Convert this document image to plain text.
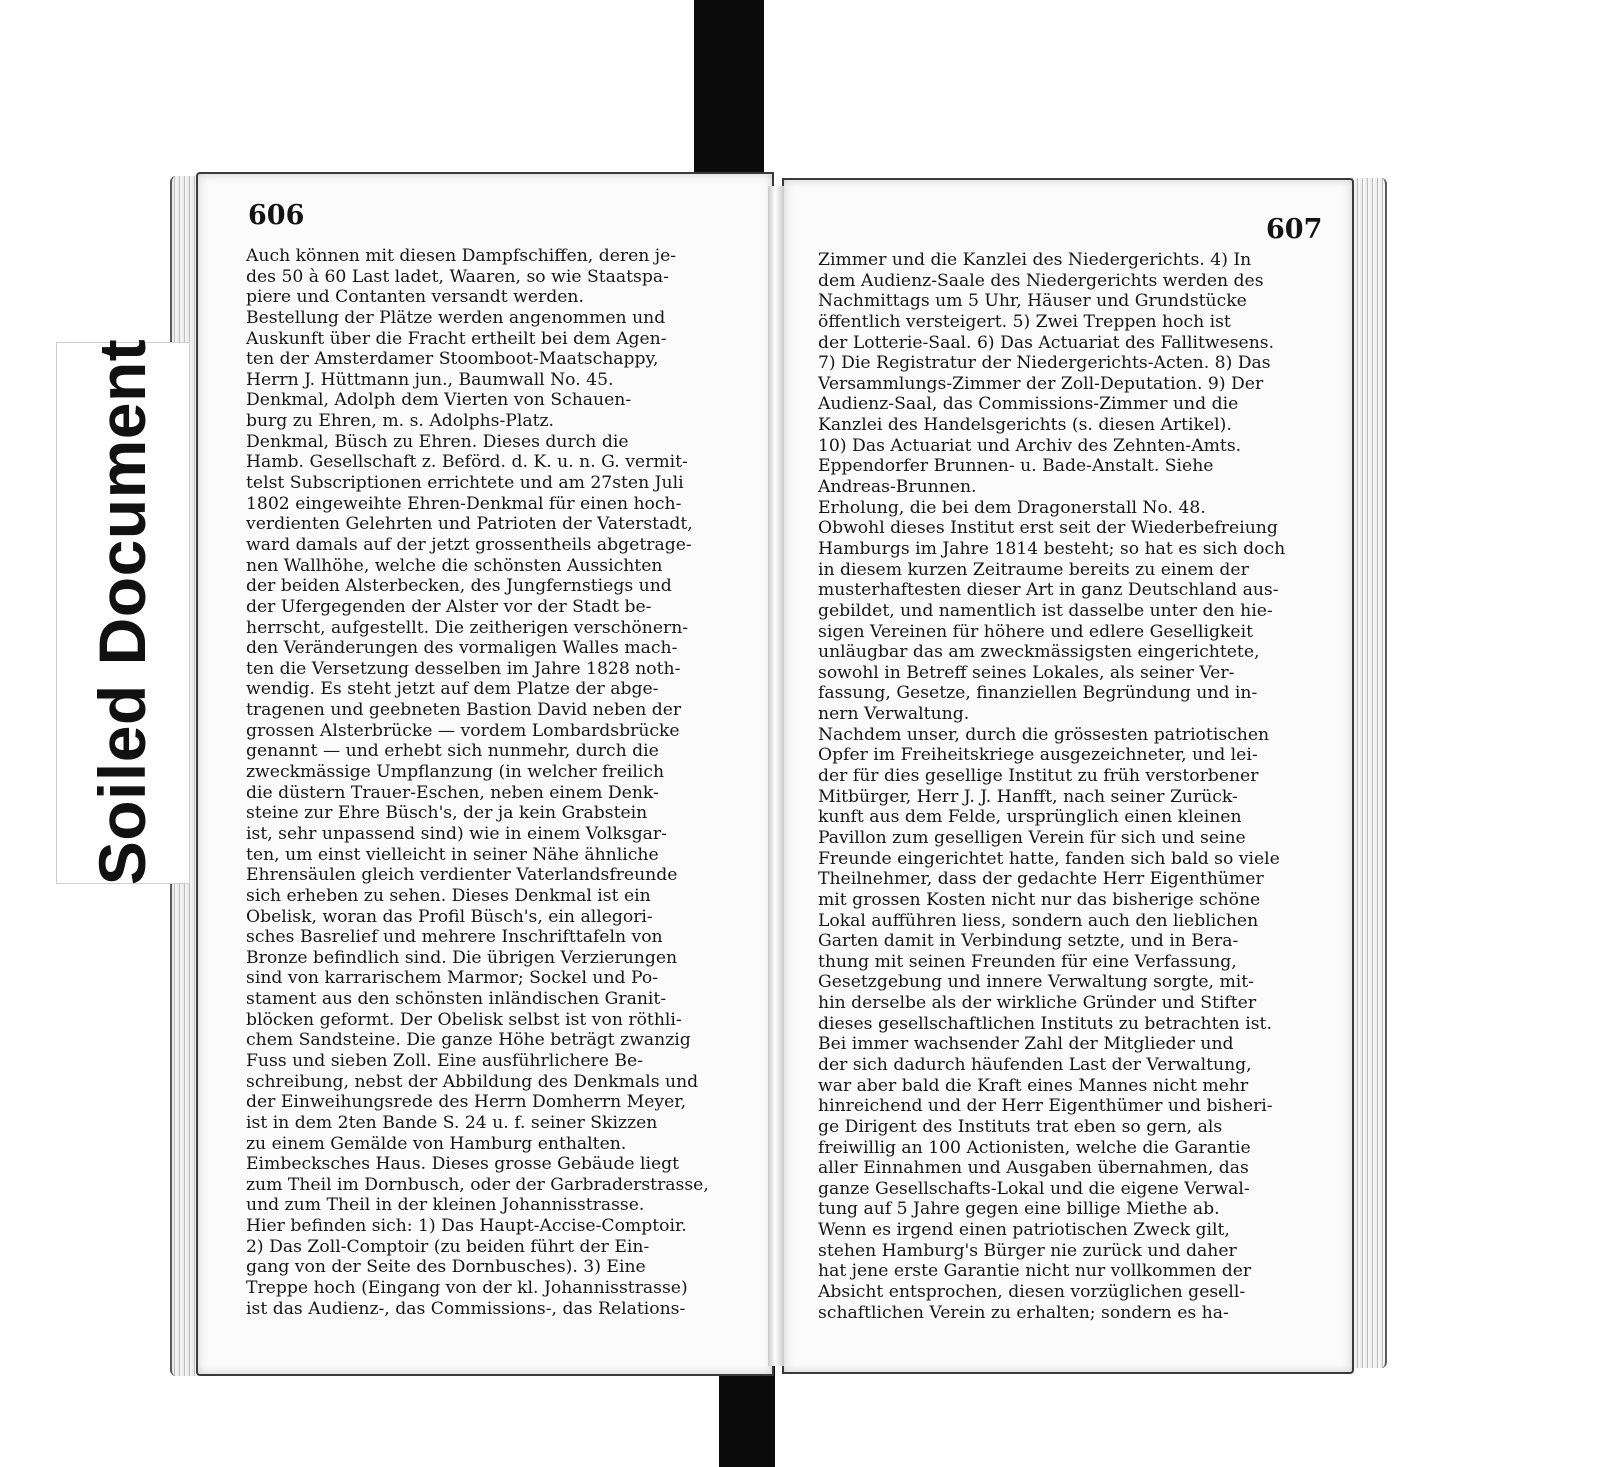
606	607
Auch können mit diesen Dampfschiffen, deren je-
des 50 à 60 Last ladet, Waaren, so wie Staatspa-
piere und Contanten versandt werden.
Bestellung der Plätze werden angenommen und
Auskunft über die Fracht ertheilt bei dem Agen-
ten der Amsterdamer Stoomboot-Maatschappy,
Herrn J. Hüttmann jun., Baumwall No. 45.
Denkmal, Adolph dem Vierten von Schauen-
burg zu Ehren, m. s. Adolphs-Platz.
Denkmal, Büsch zu Ehren. Dieses durch die
Hamb. Gesellschaft z. Beförd. d. K. u. n. G. vermit-
telst Subscriptionen errichtete und am 27sten Juli
1802 eingeweihte Ehren-Denkmal für einen hoch-
verdienten Gelehrten und Patrioten der Vaterstadt,
ward damals auf der jetzt grossentheils abgetrage-
nen Wallhöhe, welche die schönsten Aussichten
der beiden Alsterbecken, des Jungfernstiegs und
der Ufergegenden der Alster vor der Stadt be-
herrscht, aufgestellt. Die zeitherigen verschönern-
den Veränderungen des vormaligen Walles mach-
ten die Versetzung desselben im Jahre 1828 noth-
wendig. Es steht jetzt auf dem Platze der abge-
tragenen und geebneten Bastion David neben der
grossen Alsterbrücke — vordem Lombardsbrücke
genannt — und erhebt sich nunmehr, durch die
zweckmässige Umpflanzung (in welcher freilich
die düstern Trauer-Eschen, neben einem Denk-
steine zur Ehre Büsch's, der ja kein Grabstein
ist, sehr unpassend sind) wie in einem Volksgar-
ten, um einst vielleicht in seiner Nähe ähnliche
Ehrensäulen gleich verdienter Vaterlandsfreunde
sich erheben zu sehen. Dieses Denkmal ist ein
Obelisk, woran das Profil Büsch's, ein allegori-
sches Basrelief und mehrere Inschrifttafeln von
Bronze befindlich sind. Die übrigen Verzierungen
sind von karrarischem Marmor; Sockel und Po-
stament aus den schönsten inländischen Granit-
blöcken geformt. Der Obelisk selbst ist von röthli-
chem Sandsteine. Die ganze Höhe beträgt zwanzig
Fuss und sieben Zoll. Eine ausführlichere Be-
schreibung, nebst der Abbildung des Denkmals und
der Einweihungsrede des Herrn Domherrn Meyer,
ist in dem 2ten Bande S. 24 u. f. seiner Skizzen
zu einem Gemälde von Hamburg enthalten.
Eimbecksches Haus. Dieses grosse Gebäude liegt
zum Theil im Dornbusch, oder der Garbraderstrasse,
und zum Theil in der kleinen Johannisstrasse.
Hier befinden sich: 1) Das Haupt-Accise-Comptoir.
2) Das Zoll-Comptoir (zu beiden führt der Ein-
gang von der Seite des Dornbusches). 3) Eine
Treppe hoch (Eingang von der kl. Johannisstrasse)
ist das Audienz-, das Commissions-, das Relations-
Zimmer und die Kanzlei des Niedergerichts. 4) In
dem Audienz-Saale des Niedergerichts werden des
Nachmittags um 5 Uhr, Häuser und Grundstücke
öffentlich versteigert. 5) Zwei Treppen hoch ist
der Lotterie-Saal. 6) Das Actuariat des Fallitwesens.
7) Die Registratur der Niedergerichts-Acten. 8) Das
Versammlungs-Zimmer der Zoll-Deputation. 9) Der
Audienz-Saal, das Commissions-Zimmer und die
Kanzlei des Handelsgerichts (s. diesen Artikel).
10) Das Actuariat und Archiv des Zehnten-Amts.
Eppendorfer Brunnen- u. Bade-Anstalt. Siehe
Andreas-Brunnen.
Erholung, die bei dem Dragonerstall No. 48.
Obwohl dieses Institut erst seit der Wiederbefreiung
Hamburgs im Jahre 1814 besteht; so hat es sich doch
in diesem kurzen Zeitraume bereits zu einem der
musterhaftesten dieser Art in ganz Deutschland aus-
gebildet, und namentlich ist dasselbe unter den hie-
sigen Vereinen für höhere und edlere Geselligkeit
unläugbar das am zweckmässigsten eingerichtete,
sowohl in Betreff seines Lokales, als seiner Ver-
fassung, Gesetze, finanziellen Begründung und in-
nern Verwaltung.
Nachdem unser, durch die grössesten patriotischen
Opfer im Freiheitskriege ausgezeichneter, und lei-
der für dies gesellige Institut zu früh verstorbener
Mitbürger, Herr J. J. Hanfft, nach seiner Zurück-
kunft aus dem Felde, ursprünglich einen kleinen
Pavillon zum geselligen Verein für sich und seine
Freunde eingerichtet hatte, fanden sich bald so viele
Theilnehmer, dass der gedachte Herr Eigenthümer
mit grossen Kosten nicht nur das bisherige schöne
Lokal aufführen liess, sondern auch den lieblichen
Garten damit in Verbindung setzte, und in Bera-
thung mit seinen Freunden für eine Verfassung,
Gesetzgebung und innere Verwaltung sorgte, mit-
hin derselbe als der wirkliche Gründer und Stifter
dieses gesellschaftlichen Instituts zu betrachten ist.
Bei immer wachsender Zahl der Mitglieder und
der sich dadurch häufenden Last der Verwaltung,
war aber bald die Kraft eines Mannes nicht mehr
hinreichend und der Herr Eigenthümer und bisheri-
ge Dirigent des Instituts trat eben so gern, als
freiwillig an 100 Actionisten, welche die Garantie
aller Einnahmen und Ausgaben übernahmen, das
ganze Gesellschafts-Lokal und die eigene Verwal-
tung auf 5 Jahre gegen eine billige Miethe ab.
Wenn es irgend einen patriotischen Zweck gilt,
stehen Hamburg's Bürger nie zurück und daher
hat jene erste Garantie nicht nur vollkommen der
Absicht entsprochen, diesen vorzüglichen gesell-
schaftlichen Verein zu erhalten; sondern es ha-
Soiled Document
